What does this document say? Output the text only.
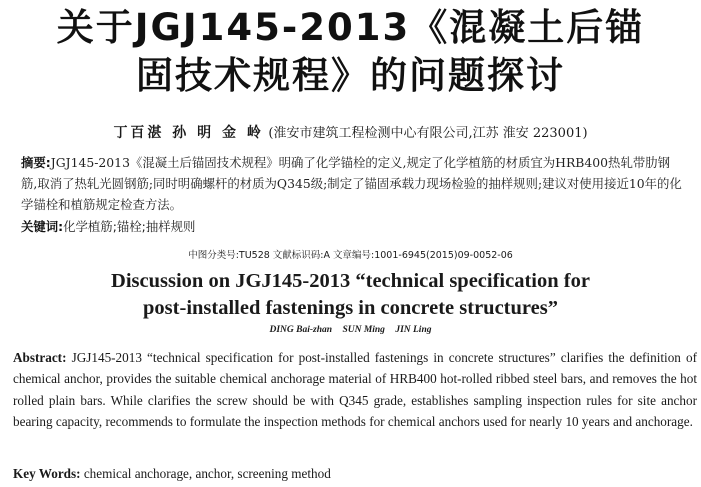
关于JGJ145-2013《混凝土后锚
固技术规程》的问题探讨
丁百湛 孙 明 金 岭 (淮安市建筑工程检测中心有限公司,江苏 淮安 223001)
摘要:JGJ145-2013《混凝土后锚固技术规程》明确了化学锚栓的定义,规定了化学植筋的材质宜为HRB400热轧带肋钢筋,取消了热轧光圆钢筋;同时明确螺杆的材质为Q345级;制定了锚固承载力现场检验的抽样规则;建议对使用接近10年的化学锚栓和植筋规定检查方法。
关键词:化学植筋;锚栓;抽样规则
中图分类号:TU528 文献标识码:A 文章编号:1001-6945(2015)09-0052-06
Discussion on JGJ145-2013 “technical specification for
post-installed fastenings in concrete structures”
DING Bai-zhan SUN Ming JIN Ling
Abstract: JGJ145-2013 “technical specification for post-installed fastenings in concrete structures” clarifies the definition of chemical anchor, provides the suitable chemical anchorage material of HRB400 hot-rolled ribbed steel bars, and removes the hot rolled plain bars. While clarifies the screw should be with Q345 grade, establishes sampling inspection rules for site anchor bearing capacity, recommends to formulate the inspection methods for chemical anchors used for nearly 10 years and anchorage.
Key Words: chemical anchorage, anchor, screening method
